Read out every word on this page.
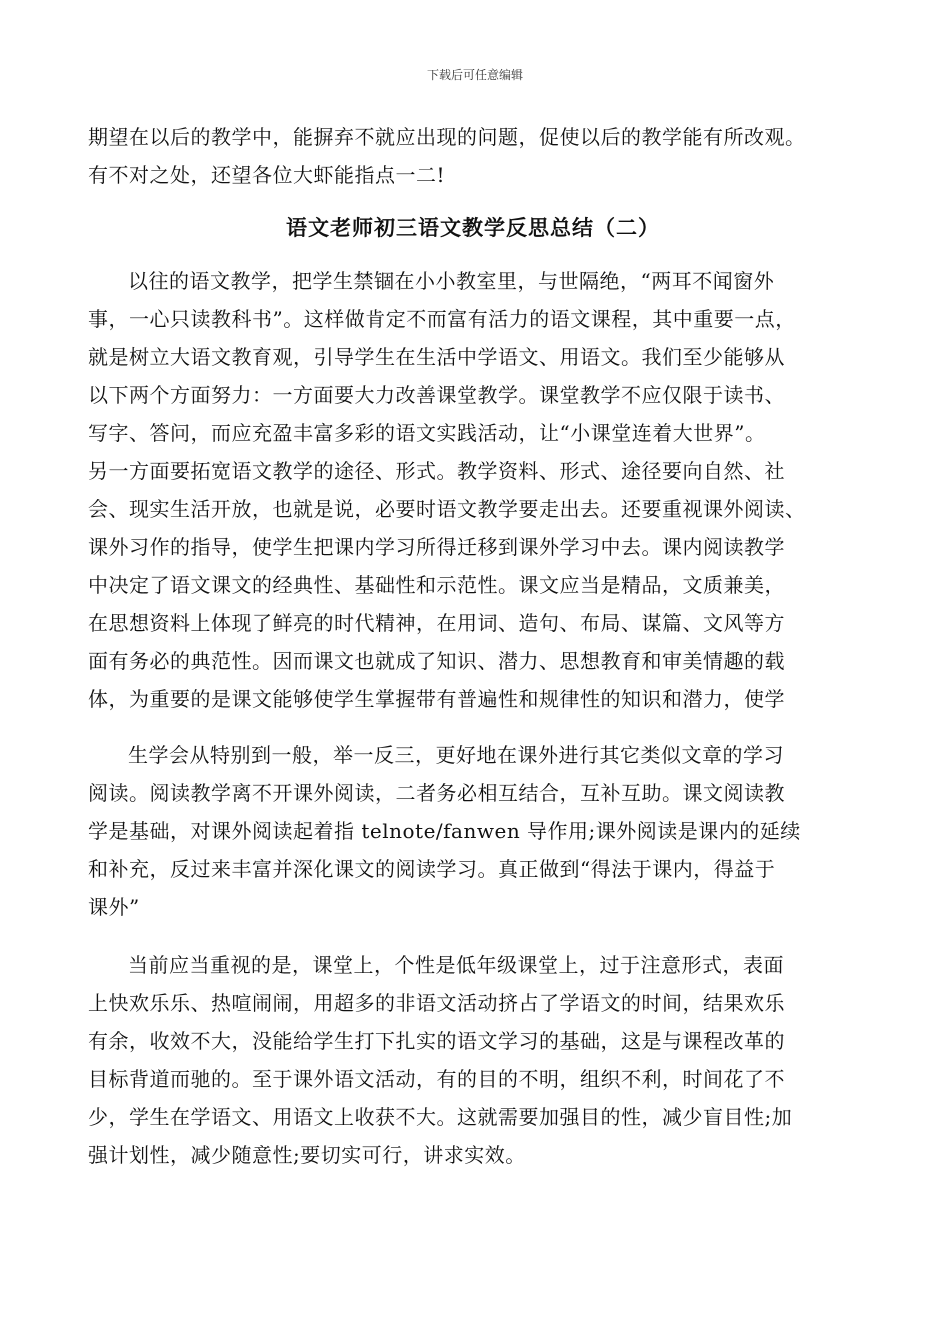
下载后可任意编辑
期望在以后的教学中，能摒弃不就应出现的问题，促使以后的教学能有所改观。
有不对之处，还望各位大虾能指点一二!
语文老师初三语文教学反思总结（二）
以往的语文教学，把学生禁锢在小小教室里，与世隔绝，“两耳不闻窗外
事，一心只读教科书”。这样做肯定不而富有活力的语文课程，其中重要一点，
就是树立大语文教育观，引导学生在生活中学语文、用语文。我们至少能够从
以下两个方面努力：一方面要大力改善课堂教学。课堂教学不应仅限于读书、
写字、答问，而应充盈丰富多彩的语文实践活动，让“小课堂连着大世界”。
另一方面要拓宽语文教学的途径、形式。教学资料、形式、途径要向自然、社
会、现实生活开放，也就是说，必要时语文教学要走出去。还要重视课外阅读、
课外习作的指导，使学生把课内学习所得迁移到课外学习中去。课内阅读教学
中决定了语文课文的经典性、基础性和示范性。课文应当是精品，文质兼美，
在思想资料上体现了鲜亮的时代精神，在用词、造句、布局、谋篇、文风等方
面有务必的典范性。因而课文也就成了知识、潜力、思想教育和审美情趣的载
体，为重要的是课文能够使学生掌握带有普遍性和规律性的知识和潜力，使学
生学会从特别到一般，举一反三，更好地在课外进行其它类似文章的学习
阅读。阅读教学离不开课外阅读，二者务必相互结合，互补互助。课文阅读教
学是基础，对课外阅读起着指 telnote/fanwen 导作用;课外阅读是课内的延续
和补充，反过来丰富并深化课文的阅读学习。真正做到“得法于课内，得益于
课外”
当前应当重视的是，课堂上，个性是低年级课堂上，过于注意形式，表面
上快欢乐乐、热喧闹闹，用超多的非语文活动挤占了学语文的时间，结果欢乐
有余，收效不大，没能给学生打下扎实的语文学习的基础，这是与课程改革的
目标背道而驰的。至于课外语文活动，有的目的不明，组织不利，时间花了不
少，学生在学语文、用语文上收获不大。这就需要加强目的性，减少盲目性;加
强计划性，减少随意性;要切实可行，讲求实效。
